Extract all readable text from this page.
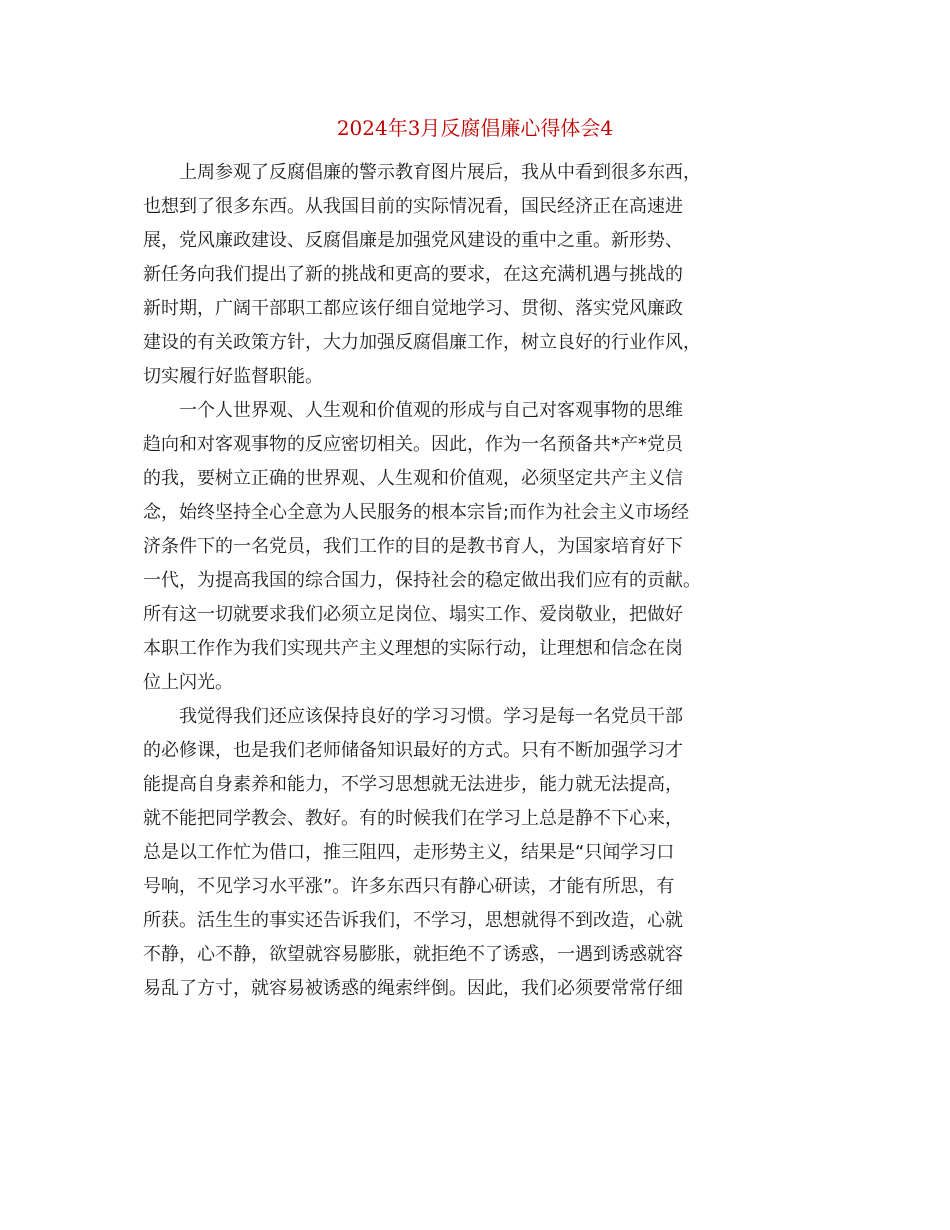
2024年3月反腐倡廉心得体会4

上周参观了反腐倡廉的警示教育图片展后，我从中看到很多东西，
也想到了很多东西。从我国目前的实际情况看，国民经济正在高速进
展，党风廉政建设、反腐倡廉是加强党风建设的重中之重。新形势、
新任务向我们提出了新的挑战和更高的要求，在这充满机遇与挑战的
新时期，广阔干部职工都应该仔细自觉地学习、贯彻、落实党风廉政
建设的有关政策方针，大力加强反腐倡廉工作，树立良好的行业作风，
切实履行好监督职能。

一个人世界观、人生观和价值观的形成与自己对客观事物的思维
趋向和对客观事物的反应密切相关。因此，作为一名预备共*产*党员
的我，要树立正确的世界观、人生观和价值观，必须坚定共产主义信
念，始终坚持全心全意为人民服务的根本宗旨;而作为社会主义市场经
济条件下的一名党员，我们工作的目的是教书育人，为国家培育好下
一代，为提高我国的综合国力，保持社会的稳定做出我们应有的贡献。
所有这一切就要求我们必须立足岗位、塌实工作、爱岗敬业，把做好
本职工作作为我们实现共产主义理想的实际行动，让理想和信念在岗
位上闪光。

我觉得我们还应该保持良好的学习习惯。学习是每一名党员干部
的必修课，也是我们老师储备知识最好的方式。只有不断加强学习才
能提高自身素养和能力，不学习思想就无法进步，能力就无法提高，
就不能把同学教会、教好。有的时候我们在学习上总是静不下心来，
总是以工作忙为借口，推三阻四，走形势主义，结果是“只闻学习口
号响，不见学习水平涨”。许多东西只有静心研读，才能有所思，有
所获。活生生的事实还告诉我们，不学习，思想就得不到改造，心就
不静，心不静，欲望就容易膨胀，就拒绝不了诱惑，一遇到诱惑就容
易乱了方寸，就容易被诱惑的绳索绊倒。因此，我们必须要常常仔细
